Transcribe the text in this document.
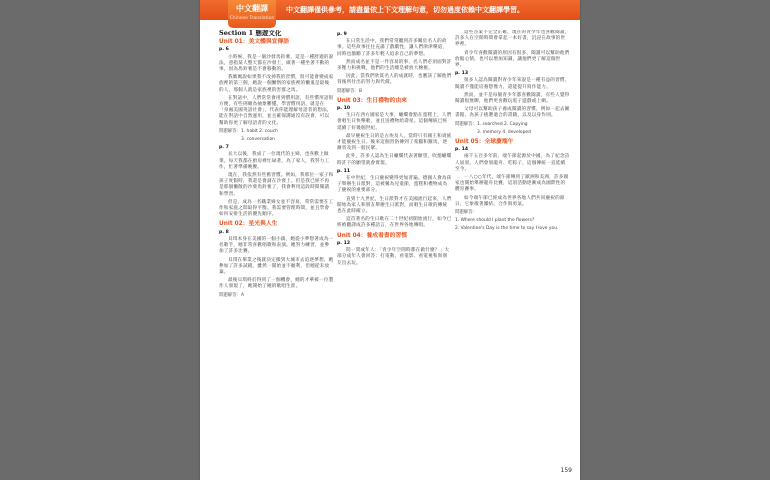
中文翻譯僅供參考，請盡量依上下文理解句意，切勿過度依賴中文翻譯學習。
中文翻譯
Chinese Translation
Section 1 態遊文化
Unit 01：美文體與宣傳語
p. 6

小時候，我是一個沙發馬鈴薯，這是一種舒適的說法，意指某人整天都在沙發上，做著一種坐著不動的事，因為馬鈴薯是不會移動的。

我媽媽說如果我不改掉我的習慣，很可能會變成家族裡的第三個，她說一個懶惰的家族裡的懶鬼是最後的人，那個人就是家族裡的害群之馬。

在對話中，人們常常會用到慣用語，有些慣用語很方便，有些則頗為抽象難懂。學習慣用語，就是在「身處美國英語社會」，代表你能理解母語者的想法，能在對話中自然運用，並且確保溝通沒有誤會，可以幫助你更了解母語者的文化。

問題解答：1. habit 2. couch
3. conversation
p. 7

長大以後，我成了一位現代的主婦，也喜歡上做菜。每天我都在廚房裡忙碌著，為了家人，我努力工作，忙著準備晚餐。

現在，我依然有些舊習慣。例如，我那位一家子和孩子度假時，我還是會窩在沙發上。但是我已經不再是那個懶散的沙發馬鈴薯了，我會利用這段時間閱讀和學習。

但是，成為一名職業婦女並不容易，常常需要在工作和家庭之間取得平衡。我需要管理時間，並且學會如何安排生活的優先順序。

Unit 02：星光與人生
p. 8

貝琪本身在美國的一個小鎮，她從小夢想著成為一名歌手，她非常喜歡唱歌和表演。她努力練習，並參加了許多比賽。

貝琪在畢業之後就決定搬到大城市去追逐夢想，她參加了許多試鏡，雖然一開始並不順利，但她從未放棄。

最後貝琪終於得到了一個機會，她的才華被一位製作人發現了，她開始了她的歌唱生涯。

問題解答：A
p. 9

在日常生活中，我們常常聽到許多關於名人的故事。這些故事往往充滿了戲劇性，讓人們津津樂道，同時也激勵了許多年輕人追求自己的夢想。

然而成名並不是一件容易的事，名人們必須面對許多壓力和挑戰，他們的生活總是被放大檢視。

因此，當我們欣賞名人的成就時，也應該了解他們背後所付出的努力與代價。

問題解答：B
Unit 03：生日禮物的由來
p. 10

生日在西方國家是大事，蠟燭會點在蛋糕上，人們會唱生日快樂歌，並且送禮物給壽星。這個傳統已經延續了好幾個世紀。

最早慶祝生日的是古埃及人，當時只有國王和貴族才能慶祝生日。後來這個習俗傳到了希臘和羅馬，逐漸普及到一般民眾。

此外，許多人認為生日蠟燭代表著願望，吹熄蠟燭時許下的願望就會實現。

p. 11

在中世紀，生日慶祝變得更加普遍。德國人會為孩子舉辦生日派對，這被稱為兒童節，蛋糕和禮物成為了慶祝的重要部分。

直到十九世紀，生日派對才在美國流行起來，人們開始為家人和朋友舉辦生日派對，而唱生日歌的傳統也在此時確立。

這首著名的生日歌在二十世紀初開始流行，如今已經被翻譯成許多種語言，在世界各地傳唱。

Unit 04：養成看書的習慣
p. 12

問一問成年人：「青少年空閒時都在做什麼？」大部分成年人會回答：打電動、看電影、看電視和與朋友出去玩。

這些答案不完全正確，現在的青少年也喜歡閱讀，許多人在空閒時間會拿起一本好書，沉浸在故事的世界裡。

青少年喜歡閱讀的原因有很多，閱讀可以幫助他們放鬆心情，也可以增加知識，讓他們更了解這個世界。

p. 13

很多人認為閱讀對青少年來說是一種有益的習慣，閱讀不僅能培養想像力，還能提升寫作能力。

然而，並不是每個青少年都喜歡閱讀，有些人覺得閱讀很無聊，他們更喜歡玩電子遊戲或上網。

父母可以幫助孩子養成閱讀的習慣，例如一起去圖書館、為孩子挑選適合的書籍，以及以身作則。

問題解答：1. searched 2. Copying
3. memory 4. developed
Unit 05：全球慶端午
p. 14

兩千五百多年前，端午節起源於中國，為了紀念詩人屈原，人們會划龍舟、吃粽子，這個傳統一直延續至今。

一八○○年代，端午節傳到了歐洲和美洲，許多國家也開始舉辦龍舟比賽，這項活動逐漸成為國際性的體育賽事。

如今端午節已經成為世界各地人們共同慶祝的節日，它象徵著團結、合作與勇氣。

問題解答：
1. Where should I plant the flowers?
2. Valentine's Day is the time to say I love you.
159
